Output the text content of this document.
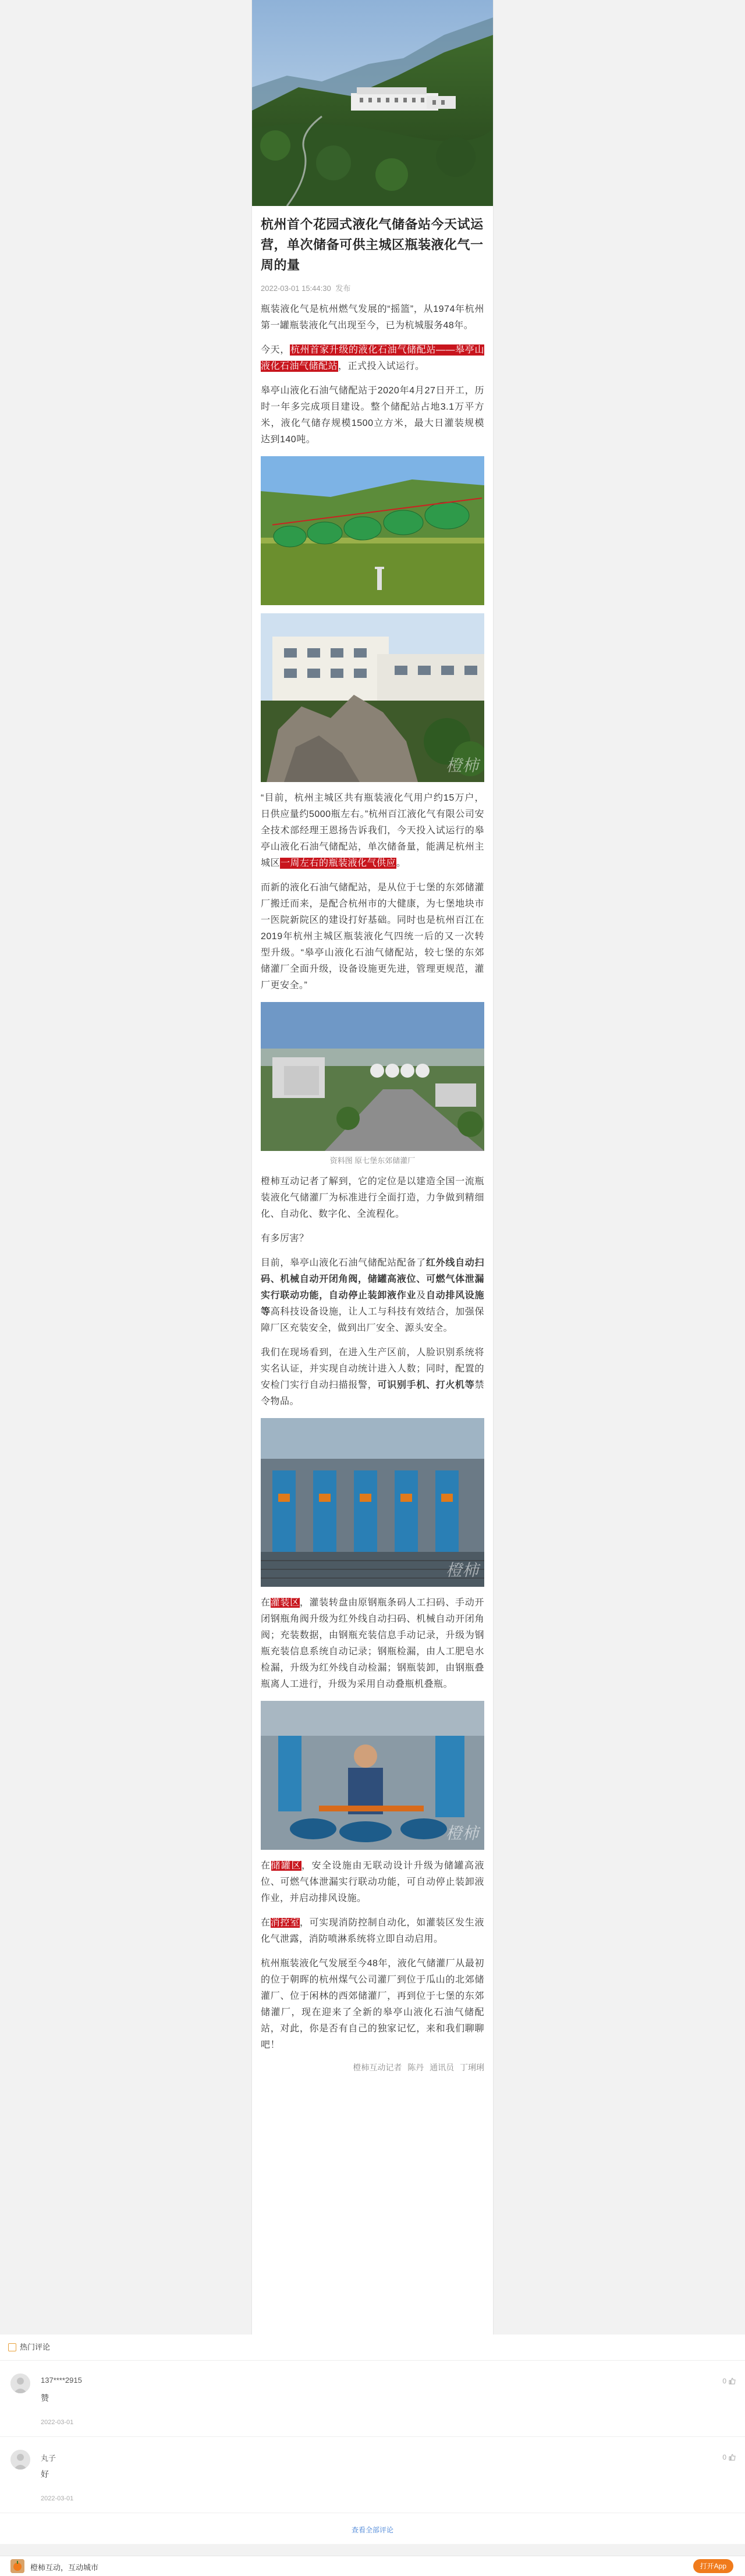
杭州首个花园式液化气储备站今天试运营，单次储备可供主城区瓶装液化气一周的量
2022-03-01 15:44:30 发布

瓶装液化气是杭州燃气发展的“摇篮”，从1974年杭州第一罐瓶装液化气出现至今，已为杭城服务48年。

今天，杭州首家升级的液化石油气储配站——皋亭山液化石油气储配站，正式投入试运行。

皋亭山液化石油气储配站于2020年4月27日开工，历时一年多完成项目建设。整个储配站占地3.1万平方米，液化气储存规模1500立方米，最大日灌装规模达到140吨。

橙柿

“目前，杭州主城区共有瓶装液化气用户约15万户，日供应量约5000瓶左右。”杭州百江液化气有限公司安全技术部经理王恩扬告诉我们，今天投入试运行的皋亭山液化石油气储配站，单次储备量，能满足杭州主城区一周左右的瓶装液化气供应。

而新的液化石油气储配站，是从位于七堡的东郊储灌厂搬迁而来，是配合杭州市的大健康，为七堡地块市一医院新院区的建设打好基础。同时也是杭州百江在2019年杭州主城区瓶装液化气四统一后的又一次转型升级。“皋亭山液化石油气储配站，较七堡的东郊储灌厂全面升级，设备设施更先进，管理更规范，灌厂更安全。”

资料图 原七堡东郊储灌厂

橙柿互动记者了解到，它的定位是以建造全国一流瓶装液化气储灌厂为标准进行全面打造，力争做到精细化、自动化、数字化、全流程化。

有多厉害？

目前，皋亭山液化石油气储配站配备了红外线自动扫码、机械自动开闭角阀，储罐高液位、可燃气体泄漏实行联动功能，自动停止装卸液作业及自动排风设施等高科技设备设施，让人工与科技有效结合，加强保障厂区充装安全，做到出厂安全、源头安全。

我们在现场看到，在进入生产区前，人脸识别系统将实名认证，并实现自动统计进入人数；同时，配置的安检门实行自动扫描报警，可识别手机、打火机等禁令物品。

橙柿

在灌装区，灌装转盘由原钢瓶条码人工扫码、手动开闭钢瓶角阀升级为红外线自动扫码、机械自动开闭角阀；充装数据，由钢瓶充装信息手动记录，升级为钢瓶充装信息系统自动记录；钢瓶检漏，由人工肥皂水检漏，升级为红外线自动检漏；钢瓶装卸，由钢瓶叠瓶离人工进行，升级为采用自动叠瓶机叠瓶。

橙柿

在储罐区，安全设施由无联动设计升级为储罐高液位、可燃气体泄漏实行联动功能，可自动停止装卸液作业，并启动排风设施。

在消控室，可实现消防控制自动化，如灌装区发生液化气泄露，消防喷淋系统将立即自动启用。

杭州瓶装液化气发展至今48年，液化气储灌厂从最初的位于朝晖的杭州煤气公司灌厂到位于瓜山的北郊储灌厂、位于闲林的西郊储灌厂，再到位于七堡的东郊储灌厂，现在迎来了全新的皋亭山液化石油气储配站，对此，你是否有自己的独家记忆，来和我们聊聊吧！

橙柿互动记者 陈丹 通讯员 丁琍琍
热门评论
137****2915
赞
2022-03-01
0
丸子
好
2022-03-01
0
查看全部评论
橙柿互动，互动城市	打开App
